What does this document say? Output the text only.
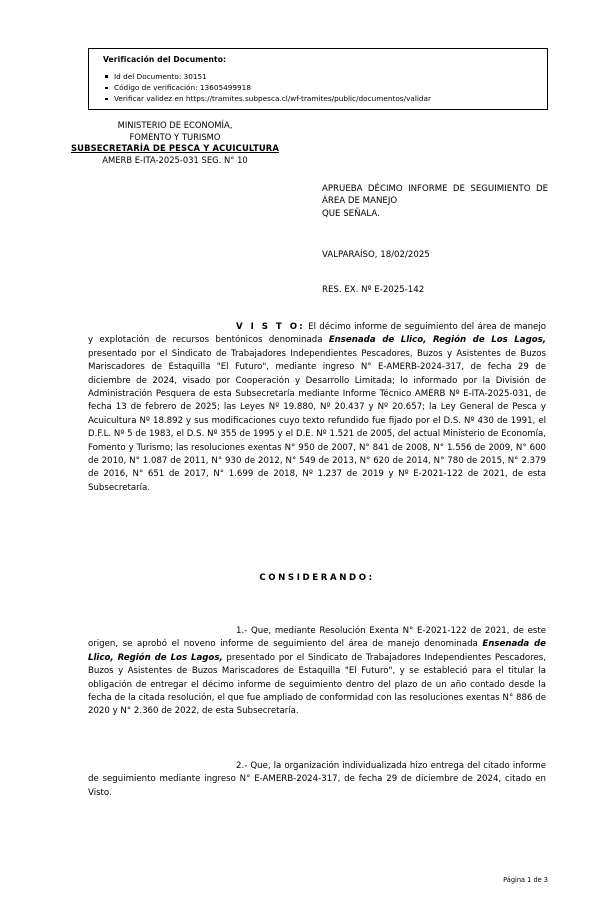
Verificación del Documento:
Id del Documento: 30151
Código de verificación: 13605499918
Verificar validez en https://tramites.subpesca.cl/wf-tramites/public/documentos/validar
MINISTERIO DE ECONOMÍA,
FOMENTO Y TURISMO
SUBSECRETARÍA DE PESCA Y ACUICULTURA
AMERB E-ITA-2025-031 SEG. N° 10
APRUEBA DÉCIMO INFORME DE SEGUIMIENTO DE ÁREA DE MANEJO
QUE SEÑALA.
VALPARAÍSO, 18/02/2025
RES. EX. Nº E-2025-142
V I S T O: El décimo informe de seguimiento del área de manejo y explotación de recursos bentónicos denominada Ensenada de Llico, Región de Los Lagos, presentado por el Sindicato de Trabajadores Independientes Pescadores, Buzos y Asistentes de Buzos Mariscadores de Estaquilla "El Futuro", mediante ingreso N° E-AMERB-2024-317, de fecha 29 de diciembre de 2024, visado por Cooperación y Desarrollo Limitada; lo informado por la División de Administración Pesquera de esta Subsecretaría mediante Informe Técnico AMERB Nº E-ITA-2025-031, de fecha 13 de febrero de 2025; las Leyes Nº 19.880, Nº 20.437 y Nº 20.657; la Ley General de Pesca y Acuicultura Nº 18.892 y sus modificaciones cuyo texto refundido fue fijado por el D.S. Nº 430 de 1991, el D.F.L. Nº 5 de 1983, el D.S. Nº 355 de 1995 y el D.E. Nº 1.521 de 2005, del actual Ministerio de Economía, Fomento y Turismo; las resoluciones exentas N° 950 de 2007, N° 841 de 2008, N° 1.556 de 2009, N° 600 de 2010, N° 1.087 de 2011, N° 930 de 2012, N° 549 de 2013, N° 620 de 2014, N° 780 de 2015, N° 2.379 de 2016, N° 651 de 2017, N° 1.699 de 2018, Nº 1.237 de 2019 y Nº E-2021-122 de 2021, de esta Subsecretaría.
CONSIDERANDO:
1.- Que, mediante Resolución Exenta N° E-2021-122 de 2021, de este origen, se aprobó el noveno informe de seguimiento del área de manejo denominada Ensenada de Llico, Región de Los Lagos, presentado por el Sindicato de Trabajadores Independientes Pescadores, Buzos y Asistentes de Buzos Mariscadores de Estaquilla "El Futuro", y se estableció para el titular la obligación de entregar el décimo informe de seguimiento dentro del plazo de un año contado desde la fecha de la citada resolución, el que fue ampliado de conformidad con las resoluciones exentas N° 886 de 2020 y N° 2.360 de 2022, de esta Subsecretaría.
2.- Que, la organización individualizada hizo entrega del citado informe de seguimiento mediante ingreso N° E-AMERB-2024-317, de fecha 29 de diciembre de 2024, citado en Visto.
Página 1 de 3
